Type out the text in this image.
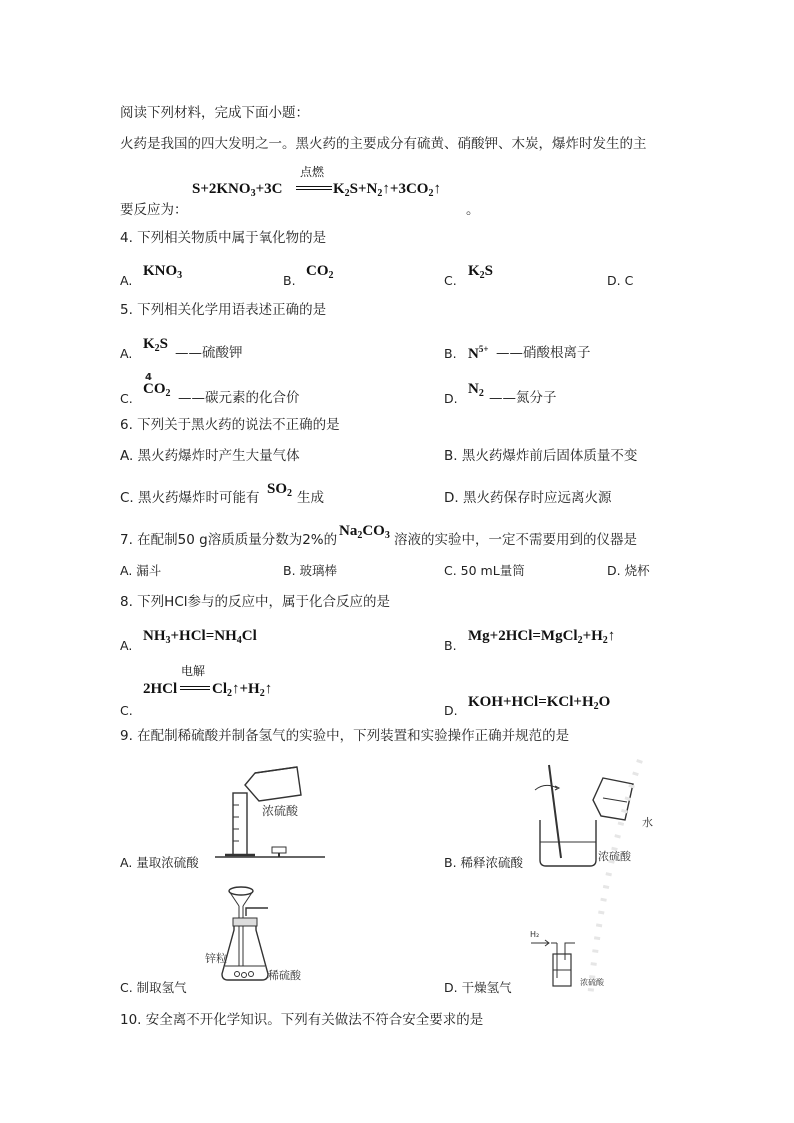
阅读下列材料，完成下面小题：
火药是我国的四大发明之一。黑火药的主要成分有硫黄、硝酸钾、木炭，爆炸时发生的主
$S+2KNO_3+3C$
点燃
$K_2S+N_2↑+3CO_2↑$
要反应为：	。
4. 下列相关物质中属于氧化物的是
A.
$KNO_3$	B.
$CO_2$	C.
$K_2S$
D. C
5. 下列相关化学用语表述正确的是
A.
$K_2S$
——硫酸钾	B. $N^{5+}$ ——硝酸根离子
C.
4
$CO_2$ ——碳元素的化合价	D.
$N_2$ ——氮分子
6. 下列关于黑火药的说法不正确的是
A. 黑火药爆炸时产生大量气体	B. 黑火药爆炸前后固体质量不变
C. 黑火药爆炸时可能有
$SO_2$ 生成	D. 黑火药保存时应远离火源
7. 在配制50 g溶质质量分数为2%的
$Na_2CO_3$ 溶液的实验中，一定不需要用到的仪器是
A. 漏斗	B. 玻璃棒	C. 50 mL量筒	D. 烧杯
8. 下列HCl参与的反应中，属于化合反应的是
$NH_3+HCl=NH_4Cl$
A.
$Mg+2HCl=MgCl_2+H_2↑$
B.
2HCl
电解
$Cl_2↑+H_2↑$
C.
$KOH+HCl=KCl+H_2O$
D.
9. 在配制稀硫酸并制备氢气的实验中，下列装置和实验操作正确并规范的是
浓硫酸
A. 量取浓硫酸
水
浓硫酸
B. 稀释浓硫酸
锌粒
稀硫酸
C. 制取氢气
H₂
浓硫酸
D. 干燥氢气
10. 安全离不开化学知识。下列有关做法不符合安全要求的是
